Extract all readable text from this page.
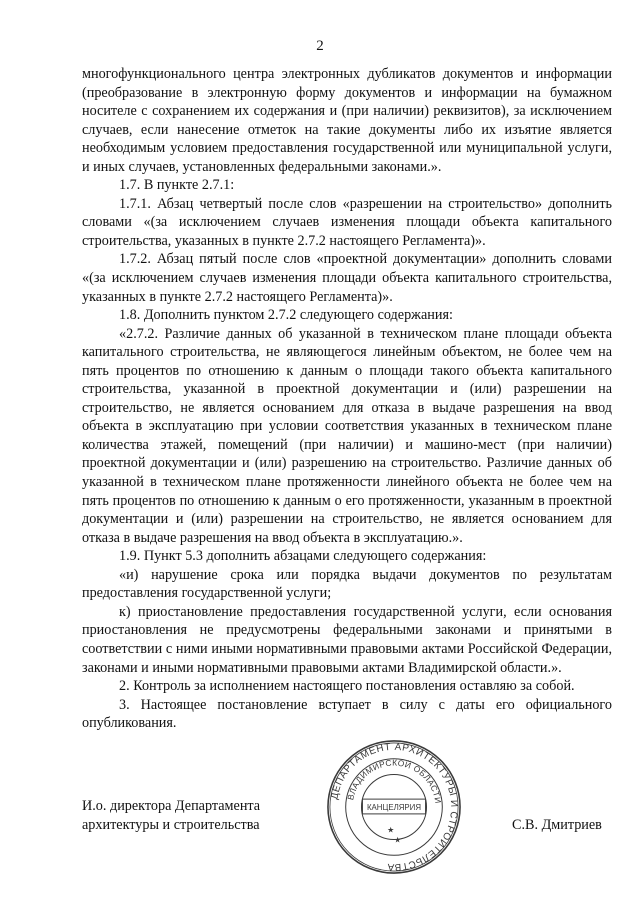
2

многофункционального центра электронных дубликатов документов и информации (преобразование в электронную форму документов и информации на бумажном носителе с сохранением их содержания и (при наличии) реквизитов), за исключением случаев, если нанесение отметок на такие документы либо их изъятие является необходимым условием предоставления государственной или муниципальной услуги, и иных случаев, установленных федеральными законами.».

1.7. В пункте 2.7.1:

1.7.1. Абзац четвертый после слов «разрешении на строительство» дополнить словами «(за исключением случаев изменения площади объекта капитального строительства, указанных в пункте 2.7.2 настоящего Регламента)».

1.7.2. Абзац пятый после слов «проектной документации» дополнить словами «(за исключением случаев изменения площади объекта капитального строительства, указанных в пункте 2.7.2 настоящего Регламента)».

1.8. Дополнить пунктом 2.7.2 следующего содержания:

«2.7.2. Различие данных об указанной в техническом плане площади объекта капитального строительства, не являющегося линейным объектом, не более чем на пять процентов по отношению к данным о площади такого объекта капитального строительства, указанной в проектной документации и (или) разрешении на строительство, не является основанием для отказа в выдаче разрешения на ввод объекта в эксплуатацию при условии соответствия указанных в техническом плане количества этажей, помещений (при наличии) и машино-мест (при наличии) проектной документации и (или) разрешению на строительство. Различие данных об указанной в техническом плане протяженности линейного объекта не более чем на пять процентов по отношению к данным о его протяженности, указанным в проектной документации и (или) разрешении на строительство, не является основанием для отказа в выдаче разрешения на ввод объекта в эксплуатацию.».

1.9. Пункт 5.3 дополнить абзацами следующего содержания:

«и) нарушение срока или порядка выдачи документов по результатам предоставления государственной услуги;

к) приостановление предоставления государственной услуги, если основания приостановления не предусмотрены федеральными законами и принятыми в соответствии с ними иными нормативными правовыми актами Российской Федерации, законами и иными нормативными правовыми актами Владимирской области.».

2. Контроль за исполнением настоящего постановления оставляю за собой.

3. Настоящее постановление вступает в силу с даты его официального опубликования.

И.о. директора Департамента
архитектуры и строительства
ДЕПАРТАМЕНТ АРХИТЕКТУРЫ И СТРОИТЕЛЬСТВА
ВЛАДИМИРСКОЙ ОБЛАСТИ
КАНЦЕЛЯРИЯ
★
★
С.В. Дмитриев
